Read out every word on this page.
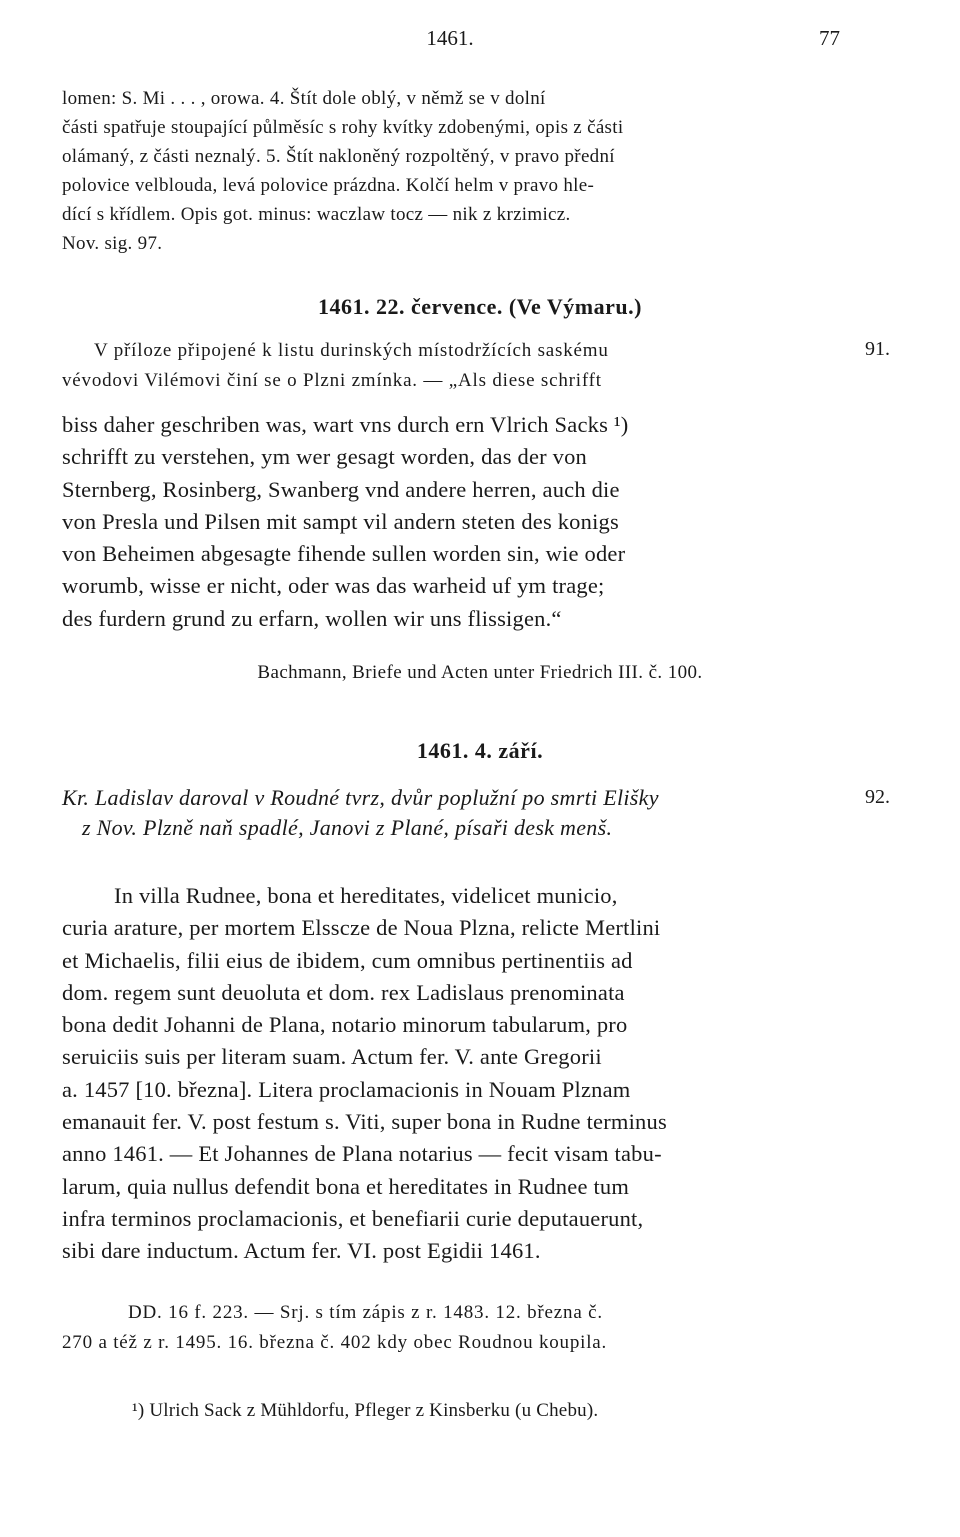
1461.	77
lomen: S. Mi . . . , orowa. 4. Štít dole oblý, v němž se v dolní
části spatřuje stoupající půlměsíc s rohy kvítky zdobenými, opis z části
olámaný, z části neznalý. 5. Štít nakloněný rozpoltěný, v pravo přední
polovice velblouda, levá polovice prázdna. Kolčí helm v pravo hle-
dící s křídlem. Opis got. minus: waczlaw tocz — nik z krzimicz.
Nov. sig. 97.
1461. 22. července. (Ve Výmaru.)
91.
V příloze připojené k listu durinských místodržících saskému
vévodovi Vilémovi činí se o Plzni zmínka. — „Als diese schrifft
biss daher geschriben was, wart vns durch ern Vlrich Sacks ¹)
schrifft zu verstehen, ym wer gesagt worden, das der von
Sternberg, Rosinberg, Swanberg vnd andere herren, auch die
von Presla und Pilsen mit sampt vil andern steten des konigs
von Beheimen abgesagte fihende sullen worden sin, wie oder
worumb, wisse er nicht, oder was das warheid uf ym trage;
des furdern grund zu erfarn, wollen wir uns flissigen.“
Bachmann, Briefe und Acten unter Friedrich III. č. 100.
1461. 4. září.
92.
Kr. Ladislav daroval v Roudné tvrz, dvůr poplužní po smrti Elišky
z Nov. Plzně naň spadlé, Janovi z Plané, písaři desk menš.
In villa Rudnee, bona et hereditates, videlicet municio,
curia arature, per mortem Elsscze de Noua Plzna, relicte Mertlini
et Michaelis, filii eius de ibidem, cum omnibus pertinentiis ad
dom. regem sunt deuoluta et dom. rex Ladislaus prenominata
bona dedit Johanni de Plana, notario minorum tabularum, pro
seruiciis suis per literam suam. Actum fer. V. ante Gregorii
a. 1457 [10. března]. Litera proclamacionis in Nouam Plznam
emanauit fer. V. post festum s. Viti, super bona in Rudne terminus
anno 1461. — Et Johannes de Plana notarius — fecit visam tabu-
larum, quia nullus defendit bona et hereditates in Rudnee tum
infra terminos proclamacionis, et benefiarii curie deputauerunt,
sibi dare inductum. Actum fer. VI. post Egidii 1461.
DD. 16 f. 223. — Srj. s tím zápis z r. 1483. 12. března č.
270 a též z r. 1495. 16. března č. 402 kdy obec Roudnou koupila.
¹) Ulrich Sack z Mühldorfu, Pfleger z Kinsberku (u Chebu).
